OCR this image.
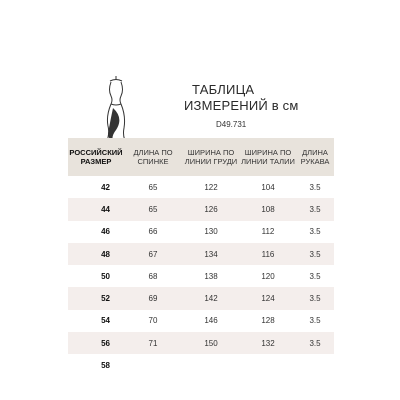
ТАБЛИЦА
ИЗМЕРЕНИЙ в см
D49.731
РОССИЙСКИЙ РАЗМЕР	ДЛИНА ПО СПИНКЕ	ШИРИНА ПО ЛИНИИ ГРУДИ	ШИРИНА ПО ЛИНИИ ТАЛИИ	ДЛИНА РУКАВА
42	65	122	104	3.5
44	65	126	108	3.5
46	66	130	112	3.5
48	67	134	116	3.5
50	68	138	120	3.5
52	69	142	124	3.5
54	70	146	128	3.5
56	71	150	132	3.5
58				
